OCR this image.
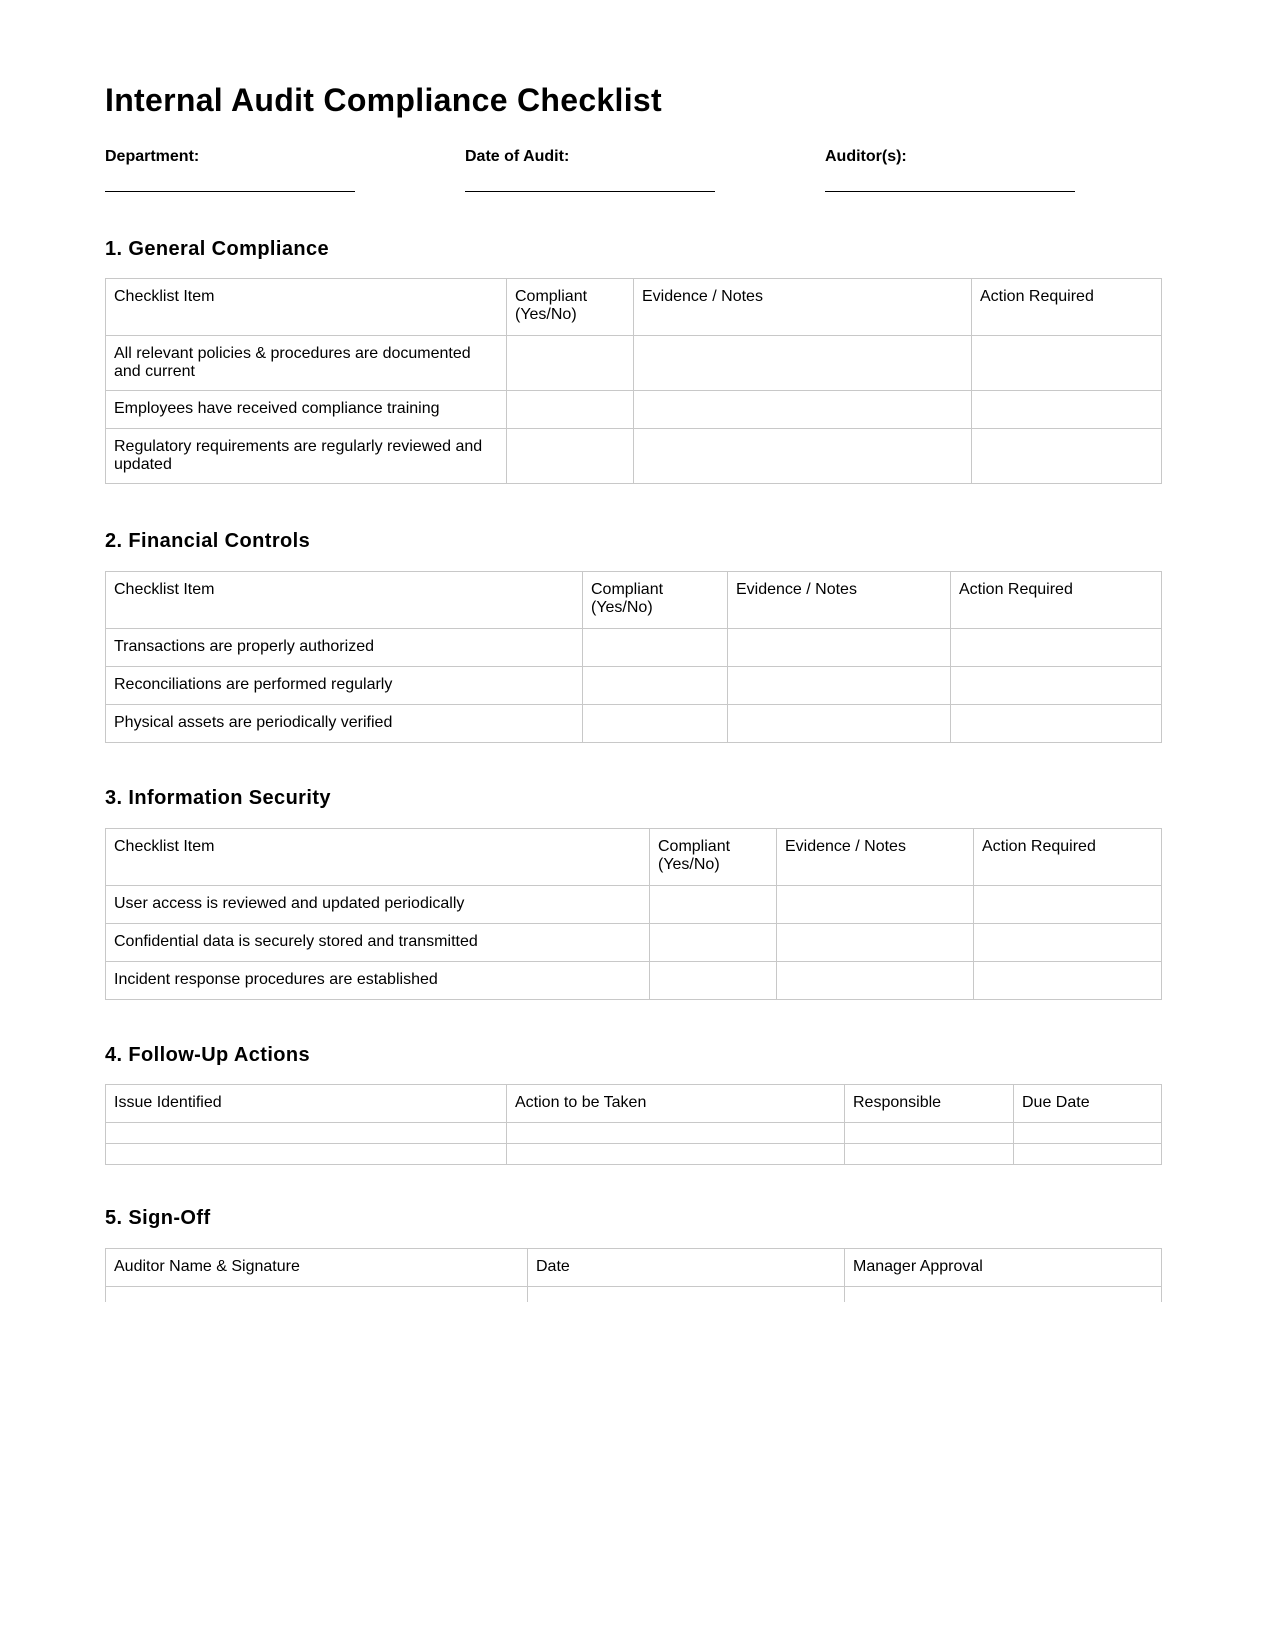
Internal Audit Compliance Checklist
Department:	Date of Audit:	Auditor(s):
1. General Compliance
Checklist Item	Compliant (Yes/No)	Evidence / Notes	Action Required
All relevant policies & procedures are documented and current			
Employees have received compliance training			
Regulatory requirements are regularly reviewed and updated			
2. Financial Controls
Checklist Item	Compliant (Yes/No)	Evidence / Notes	Action Required
Transactions are properly authorized			
Reconciliations are performed regularly			
Physical assets are periodically verified			
3. Information Security
Checklist Item	Compliant (Yes/No)	Evidence / Notes	Action Required
User access is reviewed and updated periodically			
Confidential data is securely stored and transmitted			
Incident response procedures are established			
4. Follow-Up Actions
Issue Identified	Action to be Taken	Responsible	Due Date

5. Sign-Off
Auditor Name & Signature	Date	Manager Approval
